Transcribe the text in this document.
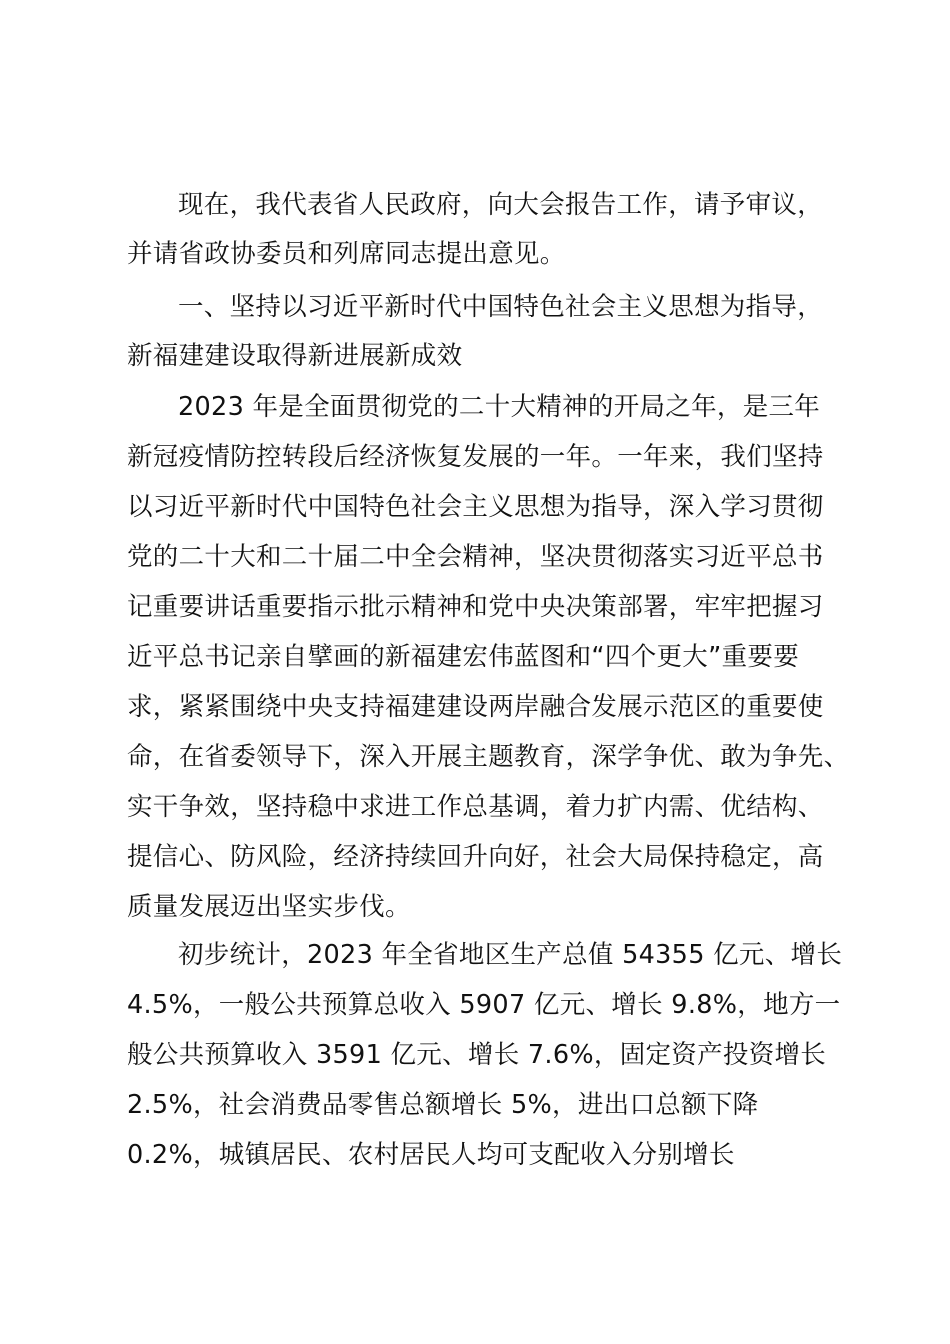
现在，我代表省人民政府，向大会报告工作，请予审议，
并请省政协委员和列席同志提出意见。
一、坚持以习近平新时代中国特色社会主义思想为指导，
新福建建设取得新进展新成效
2023 年是全面贯彻党的二十大精神的开局之年，是三年
新冠疫情防控转段后经济恢复发展的一年。一年来，我们坚持
以习近平新时代中国特色社会主义思想为指导，深入学习贯彻
党的二十大和二十届二中全会精神，坚决贯彻落实习近平总书
记重要讲话重要指示批示精神和党中央决策部署，牢牢把握习
近平总书记亲自擘画的新福建宏伟蓝图和“四个更大”重要要
求，紧紧围绕中央支持福建建设两岸融合发展示范区的重要使
命，在省委领导下，深入开展主题教育，深学争优、敢为争先、
实干争效，坚持稳中求进工作总基调，着力扩内需、优结构、
提信心、防风险，经济持续回升向好，社会大局保持稳定，高
质量发展迈出坚实步伐。
初步统计，2023 年全省地区生产总值 54355 亿元、增长
4.5%，一般公共预算总收入 5907 亿元、增长 9.8%，地方一
般公共预算收入 3591 亿元、增长 7.6%，固定资产投资增长
2.5%，社会消费品零售总额增长 5%，进出口总额下降
0.2%，城镇居民、农村居民人均可支配收入分别增长
